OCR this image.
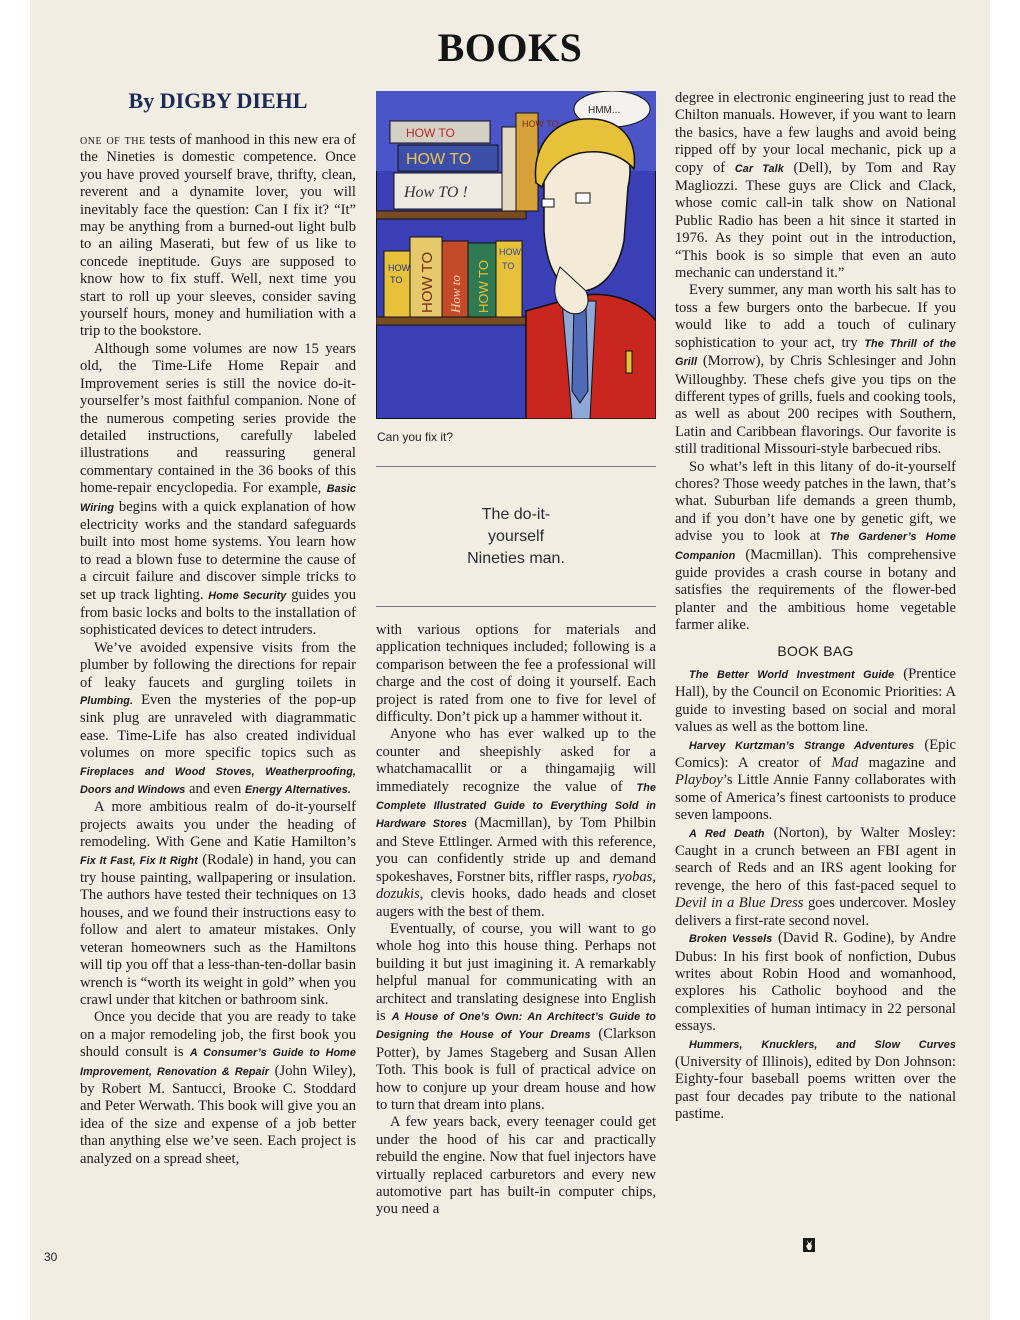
BOOKS
By DIGBY DIEHL

one of the tests of manhood in this new era of the Nineties is domestic competence. Once you have proved yourself brave, thrifty, clean, reverent and a dynamite lover, you will inevitably face the question: Can I fix it? “It” may be anything from a burned-out light bulb to an ailing Maserati, but few of us like to concede ineptitude. Guys are supposed to know how to fix stuff. Well, next time you start to roll up your sleeves, consider saving yourself hours, money and humiliation with a trip to the bookstore.

Although some volumes are now 15 years old, the Time-Life Home Repair and Improvement series is still the novice do-it-yourselfer’s most faithful companion. None of the numerous competing series provide the detailed instructions, carefully labeled illustrations and reassuring general commentary contained in the 36 books of this home-repair encyclopedia. For example, Basic Wiring begins with a quick explanation of how electricity works and the standard safeguards built into most home systems. You learn how to read a blown fuse to determine the cause of a circuit failure and discover simple tricks to set up track lighting. Home Security guides you from basic locks and bolts to the installation of sophisticated devices to detect intruders.

We’ve avoided expensive visits from the plumber by following the directions for repair of leaky faucets and gurgling toilets in Plumbing. Even the mysteries of the pop-up sink plug are unraveled with diagrammatic ease. Time-Life has also created individual volumes on more specific topics such as Fireplaces and Wood Stoves, Weatherproofing, Doors and Windows and even Energy Alternatives.

A more ambitious realm of do-it-yourself projects awaits you under the heading of remodeling. With Gene and Katie Hamilton’s Fix It Fast, Fix It Right (Rodale) in hand, you can try house painting, wallpapering or insulation. The authors have tested their techniques on 13 houses, and we found their instructions easy to follow and alert to amateur mistakes. Only veteran homeowners such as the Hamiltons will tip you off that a less-than-ten-dollar basin wrench is “worth its weight in gold” when you crawl under that kitchen or bathroom sink.

Once you decide that you are ready to take on a major remodeling job, the first book you should consult is A Consumer’s Guide to Home Improvement, Renovation & Repair (John Wiley), by Robert M. Santucci, Brooke C. Stoddard and Peter Werwath. This book will give you an idea of the size and expense of a job better than anything else we’ve seen. Each project is analyzed on a spread sheet,

HOW TO
HOW TO
How TO !
HOW TO
HOW
TO HOW TO How to HOW TO
HOW
TO
HMM...
Can you fix it?

The do-it-

yourself

Nineties man.

with various options for materials and application techniques included; following is a comparison between the fee a professional will charge and the cost of doing it yourself. Each project is rated from one to five for level of difficulty. Don’t pick up a hammer without it.

Anyone who has ever walked up to the counter and sheepishly asked for a whatchamacallit or a thingamajig will immediately recognize the value of The Complete Illustrated Guide to Everything Sold in Hardware Stores (Macmillan), by Tom Philbin and Steve Ettlinger. Armed with this reference, you can confidently stride up and demand spokeshaves, Forstner bits, riffler rasps, ryobas, dozukis, clevis hooks, dado heads and closet augers with the best of them.

Eventually, of course, you will want to go whole hog into this house thing. Perhaps not building it but just imagining it. A remarkably helpful manual for communicating with an architect and translating designese into English is A House of One’s Own: An Architect’s Guide to Designing the House of Your Dreams (Clarkson Potter), by James Stageberg and Susan Allen Toth. This book is full of practical advice on how to conjure up your dream house and how to turn that dream into plans.

A few years back, every teenager could get under the hood of his car and practically rebuild the engine. Now that fuel injectors have virtually replaced carburetors and every new automotive part has built-in computer chips, you need a

degree in electronic engineering just to read the Chilton manuals. However, if you want to learn the basics, have a few laughs and avoid being ripped off by your local mechanic, pick up a copy of Car Talk (Dell), by Tom and Ray Magliozzi. These guys are Click and Clack, whose comic call-in talk show on National Public Radio has been a hit since it started in 1976. As they point out in the introduction, “This book is so simple that even an auto mechanic can understand it.”

Every summer, any man worth his salt has to toss a few burgers onto the barbecue. If you would like to add a touch of culinary sophistication to your act, try The Thrill of the Grill (Morrow), by Chris Schlesinger and John Willoughby. These chefs give you tips on the different types of grills, fuels and cooking tools, as well as about 200 recipes with Southern, Latin and Caribbean flavorings. Our favorite is still traditional Missouri-style barbecued ribs.

So what’s left in this litany of do-it-yourself chores? Those weedy patches in the lawn, that’s what. Suburban life demands a green thumb, and if you don’t have one by genetic gift, we advise you to look at The Gardener’s Home Companion (Macmillan). This comprehensive guide provides a crash course in botany and satisfies the requirements of the flower-bed planter and the ambitious home vegetable farmer alike.

BOOK BAG

The Better World Investment Guide (Prentice Hall), by the Council on Economic Priorities: A guide to investing based on social and moral values as well as the bottom line.

Harvey Kurtzman’s Strange Adventures (Epic Comics): A creator of Mad magazine and Playboy’s Little Annie Fanny collaborates with some of America’s finest cartoonists to produce seven lampoons.

A Red Death (Norton), by Walter Mosley: Caught in a crunch between an FBI agent in search of Reds and an IRS agent looking for revenge, the hero of this fast-paced sequel to Devil in a Blue Dress goes undercover. Mosley delivers a first-rate second novel.

Broken Vessels (David R. Godine), by Andre Dubus: In his first book of nonfiction, Dubus writes about Robin Hood and womanhood, explores his Catholic boyhood and the complexities of human intimacy in 22 personal essays.

Hummers, Knucklers, and Slow Curves (University of Illinois), edited by Don Johnson: Eighty-four baseball poems written over the past four decades pay tribute to the national pastime.

30
